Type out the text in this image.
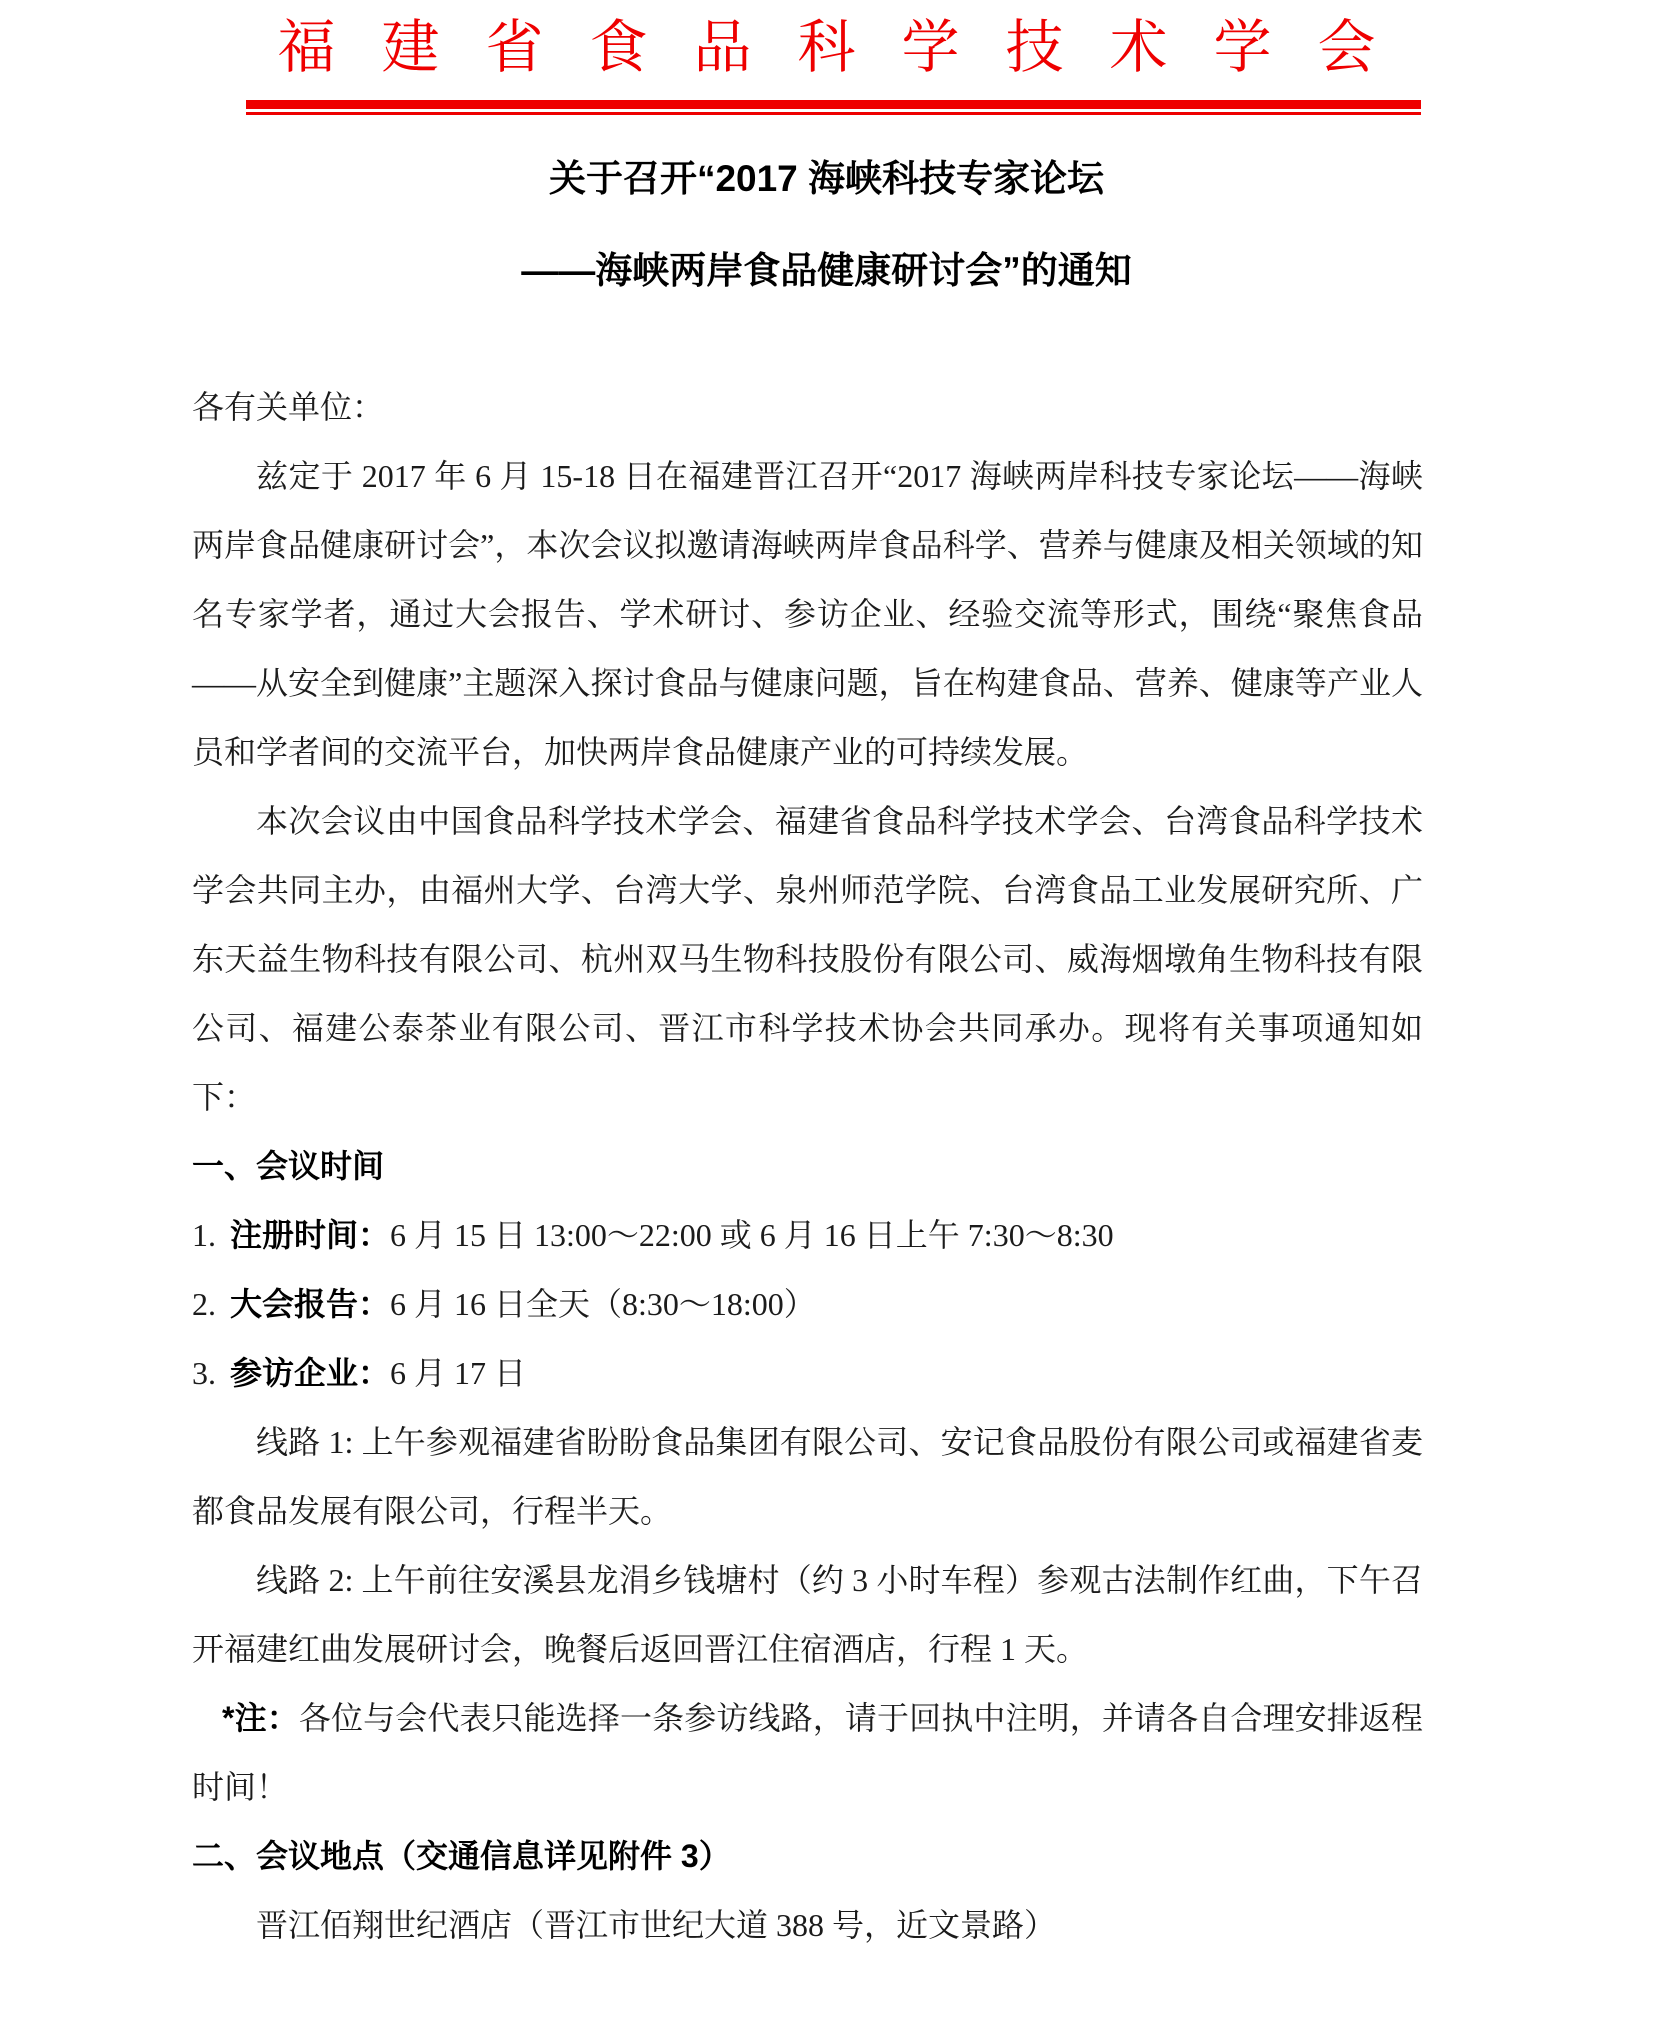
福建省食品科学技术学会
关于召开“2017 海峡科技专家论坛
——海峡两岸食品健康研讨会”的通知

各有关单位：

兹定于 2017 年 6 月 15-18 日在福建晋江召开“2017 海峡两岸科技专家论坛——海峡两岸食品健康研讨会”，本次会议拟邀请海峡两岸食品科学、营养与健康及相关领域的知名专家学者，通过大会报告、学术研讨、参访企业、经验交流等形式，围绕“聚焦食品——从安全到健康”主题深入探讨食品与健康问题，旨在构建食品、营养、健康等产业人员和学者间的交流平台，加快两岸食品健康产业的可持续发展。

本次会议由中国食品科学技术学会、福建省食品科学技术学会、台湾食品科学技术学会共同主办，由福州大学、台湾大学、泉州师范学院、台湾食品工业发展研究所、广东天益生物科技有限公司、杭州双马生物科技股份有限公司、威海烟墩角生物科技有限公司、福建公泰茶业有限公司、晋江市科学技术协会共同承办。现将有关事项通知如下：

一、会议时间

1. 注册时间：6 月 15 日 13:00～22:00 或 6 月 16 日上午 7:30～8:30

2. 大会报告：6 月 16 日全天（8:30～18:00）

3. 参访企业：6 月 17 日

线路 1: 上午参观福建省盼盼食品集团有限公司、安记食品股份有限公司或福建省麦都食品发展有限公司，行程半天。

线路 2: 上午前往安溪县龙涓乡钱塘村（约 3 小时车程）参观古法制作红曲，下午召开福建红曲发展研讨会，晚餐后返回晋江住宿酒店，行程 1 天。

*注：各位与会代表只能选择一条参访线路，请于回执中注明，并请各自合理安排返程时间！

二、会议地点（交通信息详见附件 3）

晋江佰翔世纪酒店（晋江市世纪大道 388 号，近文景路）
